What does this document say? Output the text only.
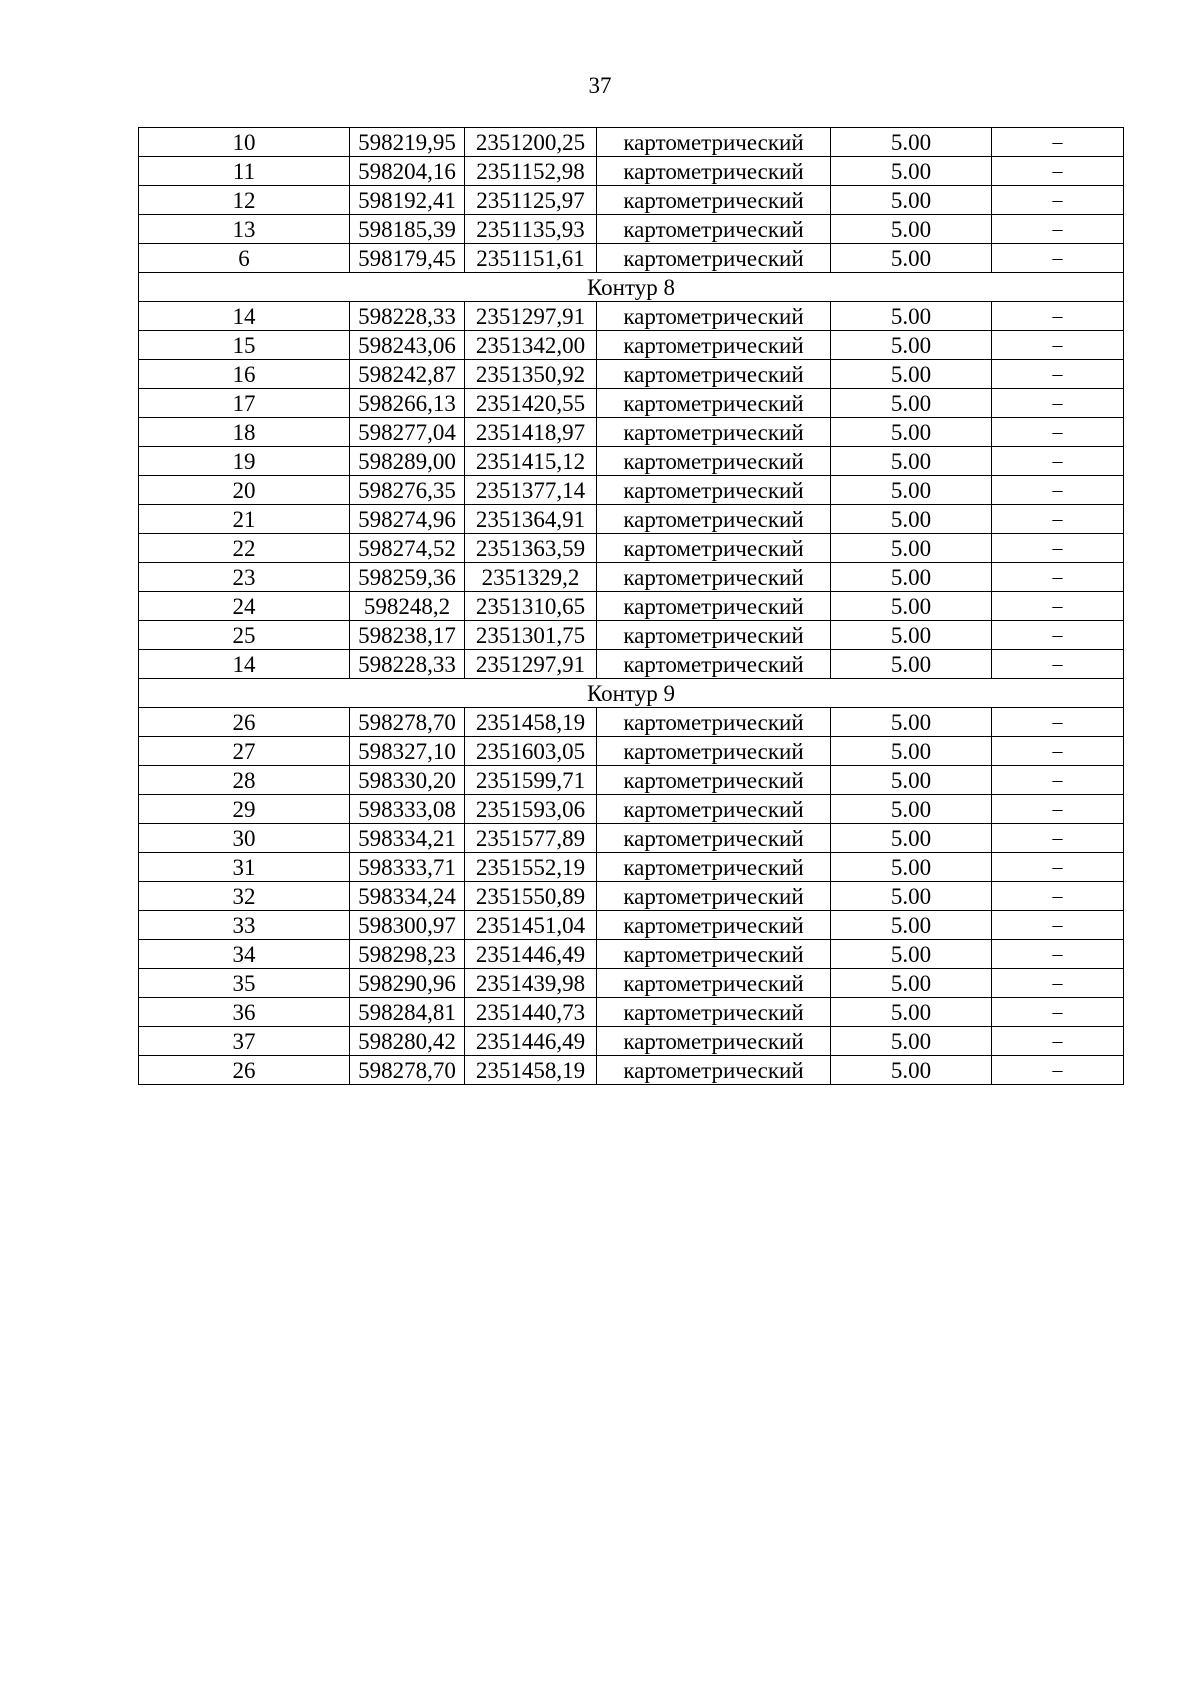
37
10	598219,95	2351200,25	картометрический	5.00	–
11	598204,16	2351152,98	картометрический	5.00	–
12	598192,41	2351125,97	картометрический	5.00	–
13	598185,39	2351135,93	картометрический	5.00	–
6	598179,45	2351151,61	картометрический	5.00	–
Контур 8					
14	598228,33	2351297,91	картометрический	5.00	–
15	598243,06	2351342,00	картометрический	5.00	–
16	598242,87	2351350,92	картометрический	5.00	–
17	598266,13	2351420,55	картометрический	5.00	–
18	598277,04	2351418,97	картометрический	5.00	–
19	598289,00	2351415,12	картометрический	5.00	–
20	598276,35	2351377,14	картометрический	5.00	–
21	598274,96	2351364,91	картометрический	5.00	–
22	598274,52	2351363,59	картометрический	5.00	–
23	598259,36	2351329,2	картометрический	5.00	–
24	598248,2	2351310,65	картометрический	5.00	–
25	598238,17	2351301,75	картометрический	5.00	–
14	598228,33	2351297,91	картометрический	5.00	–
Контур 9					
26	598278,70	2351458,19	картометрический	5.00	–
27	598327,10	2351603,05	картометрический	5.00	–
28	598330,20	2351599,71	картометрический	5.00	–
29	598333,08	2351593,06	картометрический	5.00	–
30	598334,21	2351577,89	картометрический	5.00	–
31	598333,71	2351552,19	картометрический	5.00	–
32	598334,24	2351550,89	картометрический	5.00	–
33	598300,97	2351451,04	картометрический	5.00	–
34	598298,23	2351446,49	картометрический	5.00	–
35	598290,96	2351439,98	картометрический	5.00	–
36	598284,81	2351440,73	картометрический	5.00	–
37	598280,42	2351446,49	картометрический	5.00	–
26	598278,70	2351458,19	картометрический	5.00	–
